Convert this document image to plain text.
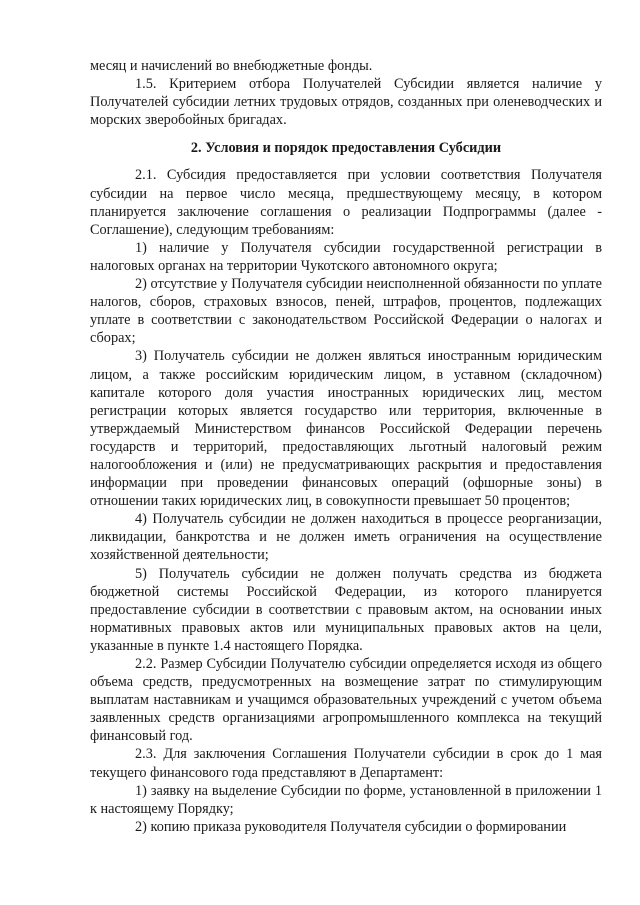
месяц и начислений во внебюджетные фонды.

1.5. Критерием отбора Получателей Субсидии является наличие у Получателей субсидии летних трудовых отрядов, созданных при оленеводческих и морских зверобойных бригадах.

2. Условия и порядок предоставления Субсидии

2.1. Субсидия предоставляется при условии соответствия Получателя субсидии на первое число месяца, предшествующему месяцу, в котором планируется заключение соглашения о реализации Подпрограммы (далее - Соглашение), следующим требованиям:

1) наличие у Получателя субсидии государственной регистрации в налоговых органах на территории Чукотского автономного округа;

2) отсутствие у Получателя субсидии неисполненной обязанности по уплате налогов, сборов, страховых взносов, пеней, штрафов, процентов, подлежащих уплате в соответствии с законодательством Российской Федерации о налогах и сборах;

3) Получатель субсидии не должен являться иностранным юридическим лицом, а также российским юридическим лицом, в уставном (складочном) капитале которого доля участия иностранных юридических лиц, местом регистрации которых является государство или территория, включенные в утверждаемый Министерством финансов Российской Федерации перечень государств и территорий, предоставляющих льготный налоговый режим налогообложения и (или) не предусматривающих раскрытия и предоставления информации при проведении финансовых операций (офшорные зоны) в отношении таких юридических лиц, в совокупности превышает 50 процентов;

4) Получатель субсидии не должен находиться в процессе реорганизации, ликвидации, банкротства и не должен иметь ограничения на осуществление хозяйственной деятельности;

5) Получатель субсидии не должен получать средства из бюджета бюджетной системы Российской Федерации, из которого планируется предоставление субсидии в соответствии с правовым актом, на основании иных нормативных правовых актов или муниципальных правовых актов на цели, указанные в пункте 1.4 настоящего Порядка.

2.2. Размер Субсидии Получателю субсидии определяется исходя из общего объема средств, предусмотренных на возмещение затрат по стимулирующим выплатам наставникам и учащимся образовательных учреждений с учетом объема заявленных средств организациями агропромышленного комплекса на текущий финансовый год.

2.3. Для заключения Соглашения Получатели субсидии в срок до 1 мая текущего финансового года представляют в Департамент:

1) заявку на выделение Субсидии по форме, установленной в приложении 1 к настоящему Порядку;

2) копию приказа руководителя Получателя субсидии о формировании
